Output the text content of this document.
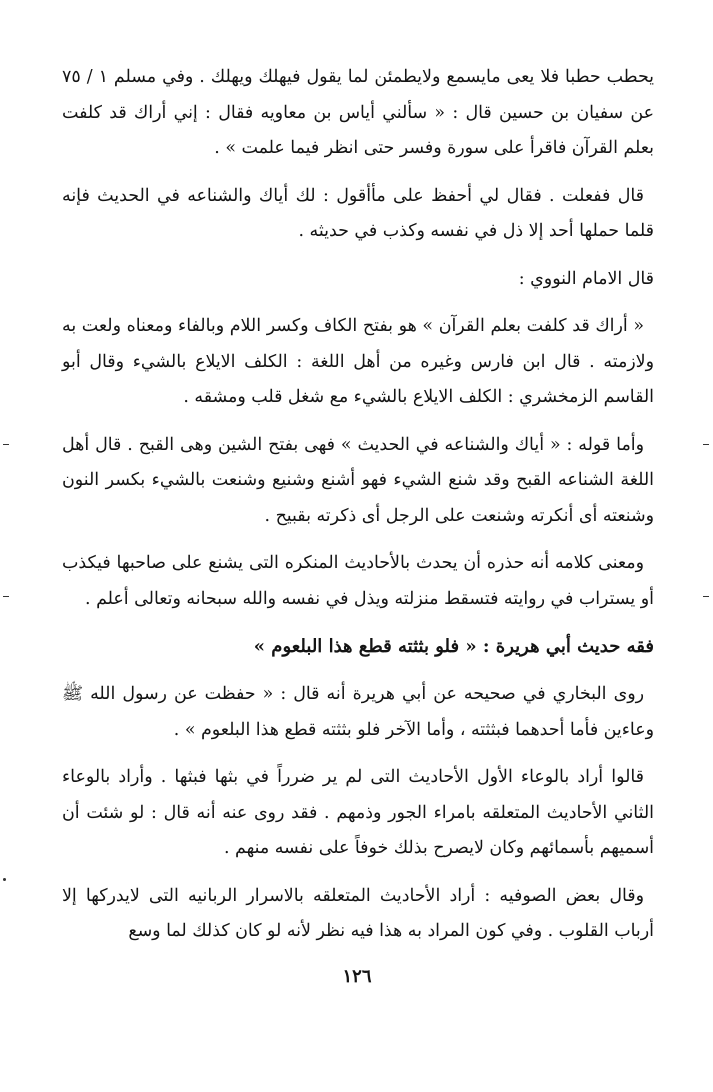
يحطب حطبا فلا يعى مايسمع ولايطمئن لما يقول فيهلك ويهلك . وفي مسلم ١ / ٧٥ عن سفيان بن حسين قال : « سألني أياس بن معاويه فقال : إني أراك قد كلفت بعلم القرآن فاقرأ على سورة وفسر حتى انظر فيما علمت » .

قال ففعلت . فقال لي أحفظ على مأأقول : لك أياك والشناعه في الحديث فإنه قلما حملها أحد إلا ذل في نفسه وكذب في حديثه .

قال الامام النووي :

« أراك قد كلفت بعلم القرآن » هو بفتح الكاف وكسر اللام وبالفاء ومعناه ولعت به ولازمته . قال ابن فارس وغيره من أهل اللغة : الكلف الايلاع بالشيء وقال أبو القاسم الزمخشري : الكلف الايلاع بالشيء مع شغل قلب ومشقه .

وأما قوله : « أياك والشناعه في الحديث » فهى بفتح الشين وهى القبح . قال أهل اللغة الشناعه القبح وقد شنع الشيء فهو أشنع وشنيع وشنعت بالشيء بكسر النون وشنعته أى أنكرته وشنعت على الرجل أى ذكرته بقبيح .

ومعنى كلامه أنه حذره أن يحدث بالأحاديث المنكره التى يشنع على صاحبها فيكذب أو يستراب في روايته فتسقط منزلته ويذل في نفسه والله سبحانه وتعالى أعلم .

فقه حديث أبي هريرة : « فلو بثثته قطع هذا البلعوم »

روى البخاري في صحيحه عن أبي هريرة أنه قال : « حفظت عن رسول الله ﷺ وعاءين فأما أحدهما فبثثته ، وأما الآخر فلو بثثته قطع هذا البلعوم » .

قالوا أراد بالوعاء الأول الأحاديث التى لم ير ضرراً في بثها فبثها . وأراد بالوعاء الثاني الأحاديث المتعلقه بامراء الجور وذمهم . فقد روى عنه أنه قال : لو شئت أن أسميهم بأسمائهم وكان لايصرح بذلك خوفاً على نفسه منهم .

وقال بعض الصوفيه : أراد الأحاديث المتعلقه بالاسرار الربانيه التى لايدركها إلا أرباب القلوب . وفي كون المراد به هذا فيه نظر لأنه لو كان كذلك لما وسع

١٢٦
